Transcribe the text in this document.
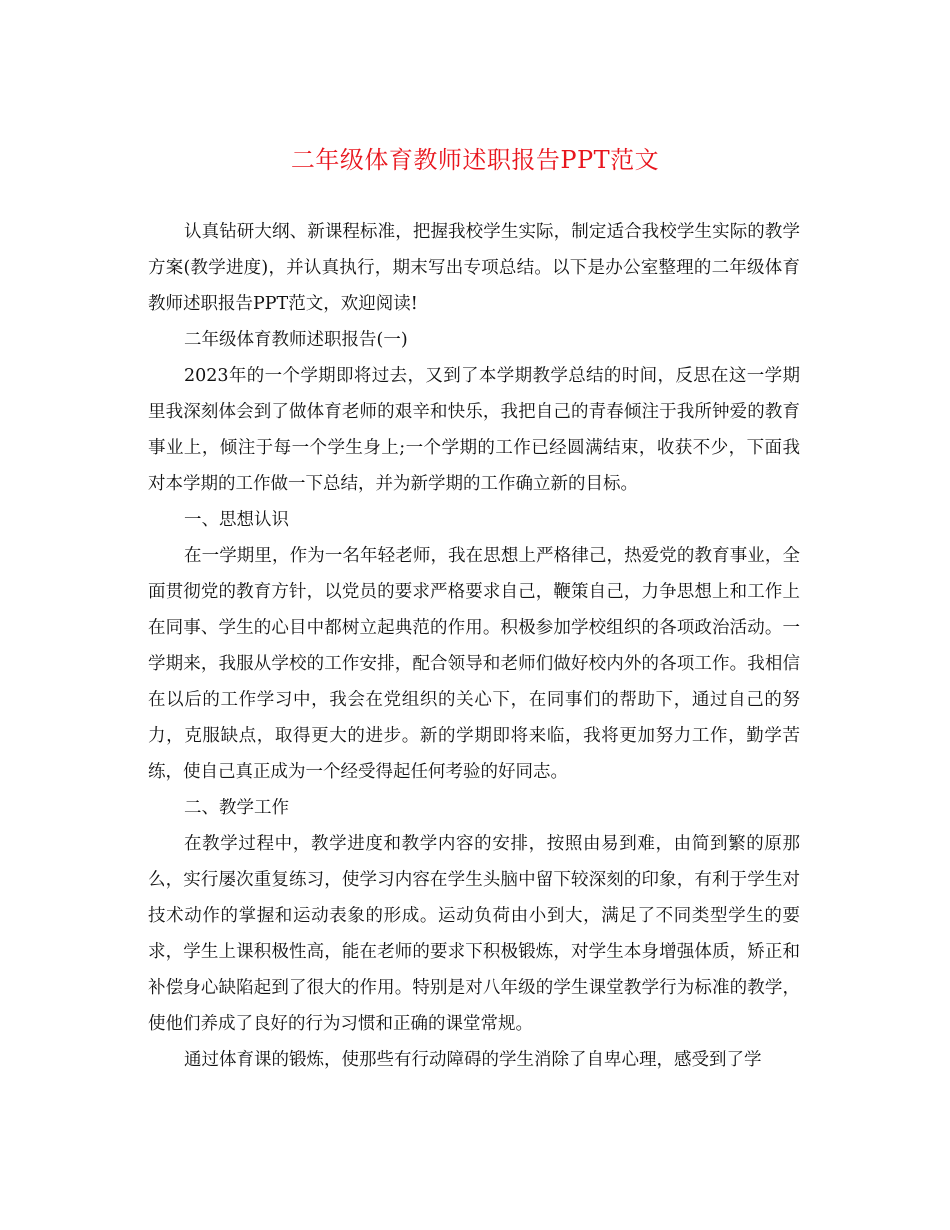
二年级体育教师述职报告PPT范文

认真钻研大纲、新课程标准，把握我校学生实际，制定适合我校学生实际的教学方案(教学进度)，并认真执行，期末写出专项总结。以下是办公室整理的二年级体育教师述职报告PPT范文，欢迎阅读!

二年级体育教师述职报告(一)

2023年的一个学期即将过去，又到了本学期教学总结的时间，反思在这一学期里我深刻体会到了做体育老师的艰辛和快乐，我把自己的青春倾注于我所钟爱的教育事业上，倾注于每一个学生身上;一个学期的工作已经圆满结束，收获不少，下面我对本学期的工作做一下总结，并为新学期的工作确立新的目标。

一、思想认识

在一学期里，作为一名年轻老师，我在思想上严格律己，热爱党的教育事业，全面贯彻党的教育方针，以党员的要求严格要求自己，鞭策自己，力争思想上和工作上在同事、学生的心目中都树立起典范的作用。积极参加学校组织的各项政治活动。一学期来，我服从学校的工作安排，配合领导和老师们做好校内外的各项工作。我相信在以后的工作学习中，我会在党组织的关心下，在同事们的帮助下，通过自己的努力，克服缺点，取得更大的进步。新的学期即将来临，我将更加努力工作，勤学苦练，使自己真正成为一个经受得起任何考验的好同志。

二、教学工作

在教学过程中，教学进度和教学内容的安排，按照由易到难，由简到繁的原那么，实行屡次重复练习，使学习内容在学生头脑中留下较深刻的印象，有利于学生对技术动作的掌握和运动表象的形成。运动负荷由小到大，满足了不同类型学生的要求，学生上课积极性高，能在老师的要求下积极锻炼，对学生本身增强体质，矫正和补偿身心缺陷起到了很大的作用。特别是对八年级的学生课堂教学行为标准的教学，使他们养成了良好的行为习惯和正确的课堂常规。

通过体育课的锻炼，使那些有行动障碍的学生消除了自卑心理，感受到了学
